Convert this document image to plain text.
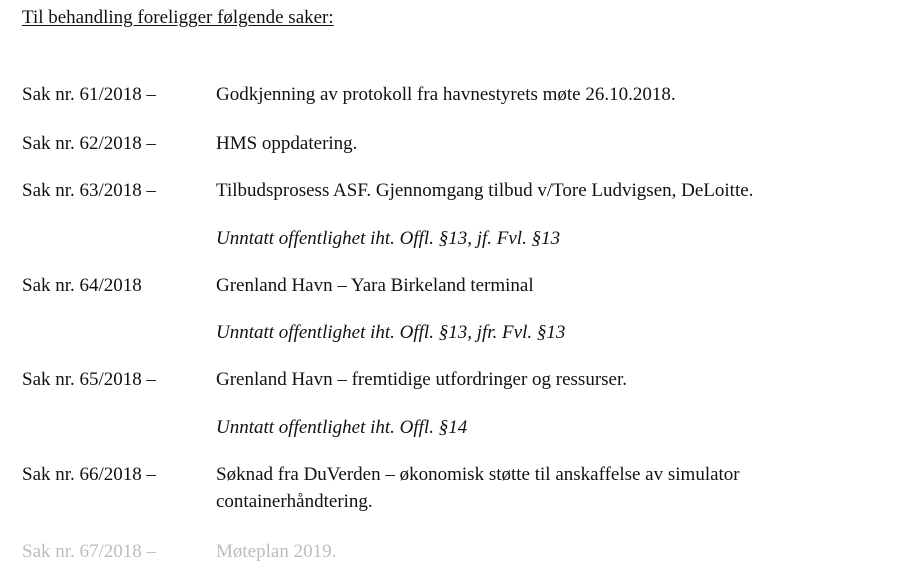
Til behandling foreligger følgende saker:
Sak nr. 61/2018 –	Godkjenning av protokoll fra havnestyrets møte 26.10.2018.
Sak nr. 62/2018 –	HMS oppdatering.
Sak nr. 63/2018 –	Tilbudsprosess ASF. Gjennomgang tilbud v/Tore Ludvigsen, DeLoitte.
Unntatt offentlighet iht. Offl. §13, jf. Fvl. §13
Sak nr. 64/2018	Grenland Havn – Yara Birkeland terminal
Unntatt offentlighet iht. Offl. §13, jfr. Fvl. §13
Sak nr. 65/2018 –	Grenland Havn – fremtidige utfordringer og ressurser.
Unntatt offentlighet iht. Offl. §14
Sak nr. 66/2018 –	Søknad fra DuVerden – økonomisk støtte til anskaffelse av simulator
containerhåndtering.
Sak nr. 67/2018 –	Møteplan 2019.
